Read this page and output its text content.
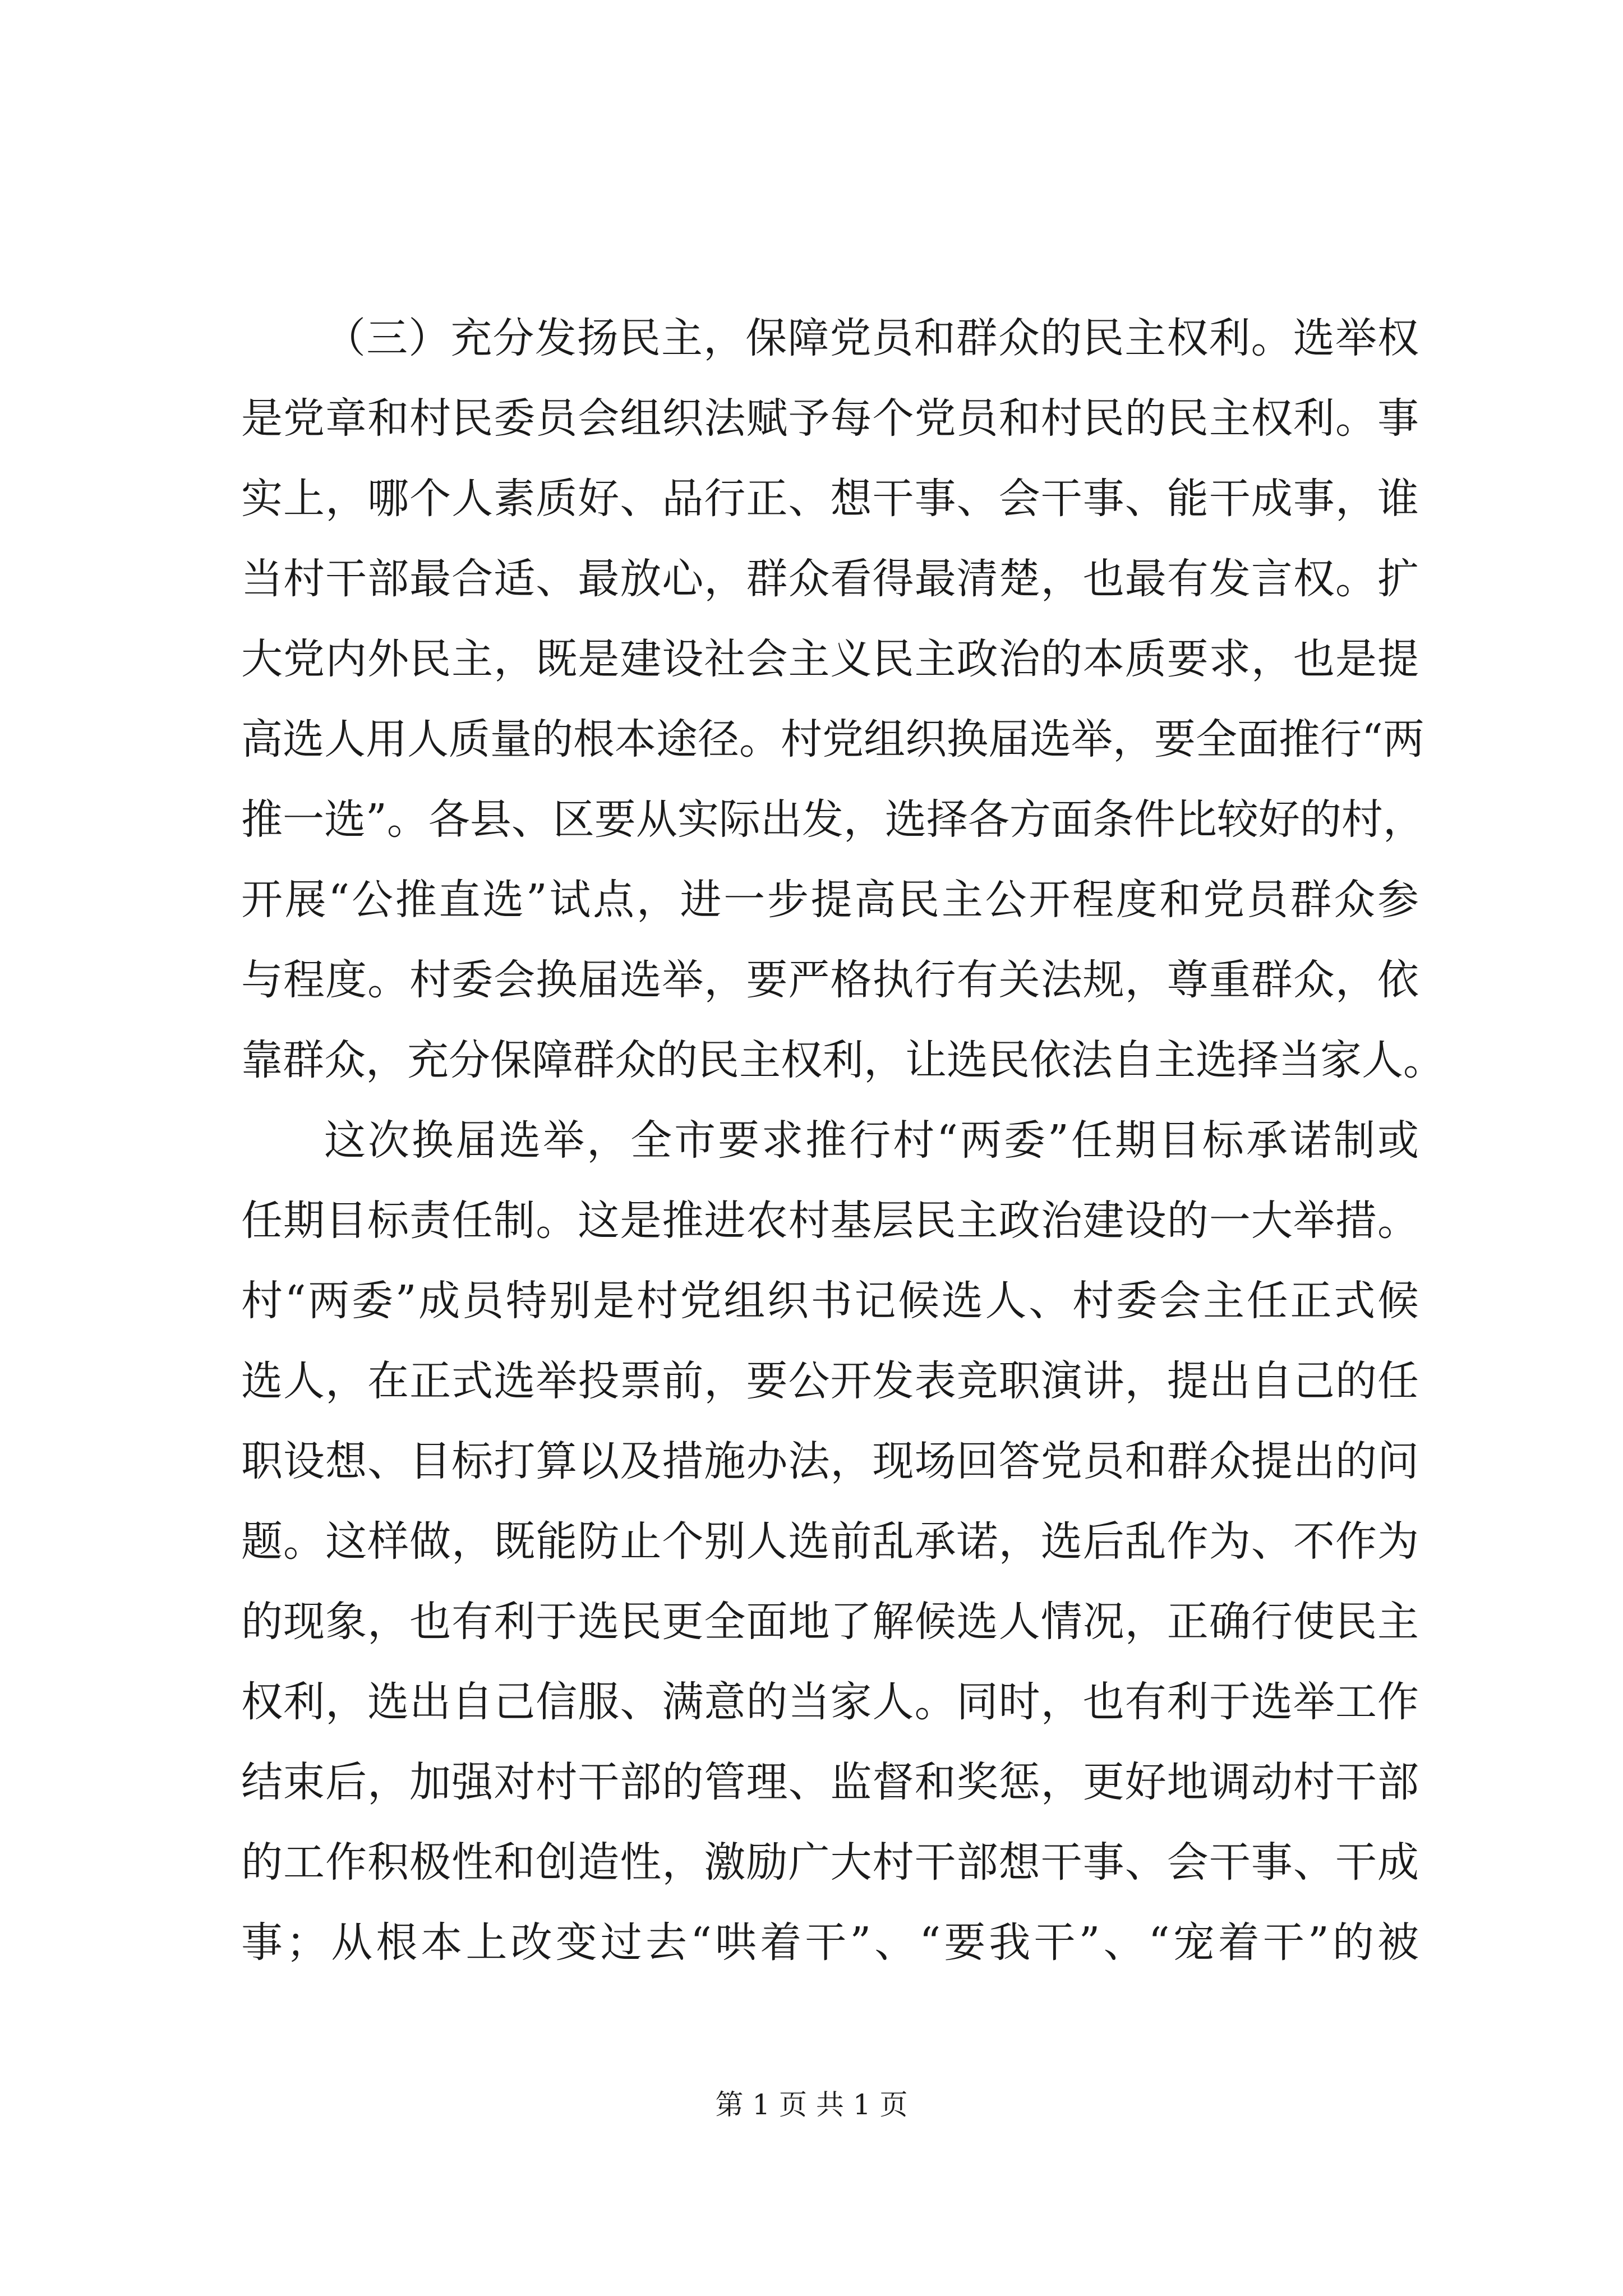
（三）充分发扬民主，保障党员和群众的民主权利。选举权
是党章和村民委员会组织法赋予每个党员和村民的民主权利。事
实上，哪个人素质好、品行正、想干事、会干事、能干成事，谁
当村干部最合适、最放心，群众看得最清楚，也最有发言权。扩
大党内外民主，既是建设社会主义民主政治的本质要求，也是提
高选人用人质量的根本途径。村党组织换届选举，要全面推行“两
推一选”。各县、区要从实际出发，选择各方面条件比较好的村，
开展“公推直选”试点，进一步提高民主公开程度和党员群众参
与程度。村委会换届选举，要严格执行有关法规，尊重群众，依
靠群众，充分保障群众的民主权利，让选民依法自主选择当家人。
这次换届选举，全市要求推行村“两委”任期目标承诺制或
任期目标责任制。这是推进农村基层民主政治建设的一大举措。
村“两委”成员特别是村党组织书记候选人、村委会主任正式候
选人，在正式选举投票前，要公开发表竞职演讲，提出自己的任
职设想、目标打算以及措施办法，现场回答党员和群众提出的问
题。这样做，既能防止个别人选前乱承诺，选后乱作为、不作为
的现象，也有利于选民更全面地了解候选人情况，正确行使民主
权利，选出自己信服、满意的当家人。同时，也有利于选举工作
结束后，加强对村干部的管理、监督和奖惩，更好地调动村干部
的工作积极性和创造性，激励广大村干部想干事、会干事、干成
事；从根本上改变过去“哄着干”、“要我干”、“宠着干”的被
第 1 页 共 1 页
